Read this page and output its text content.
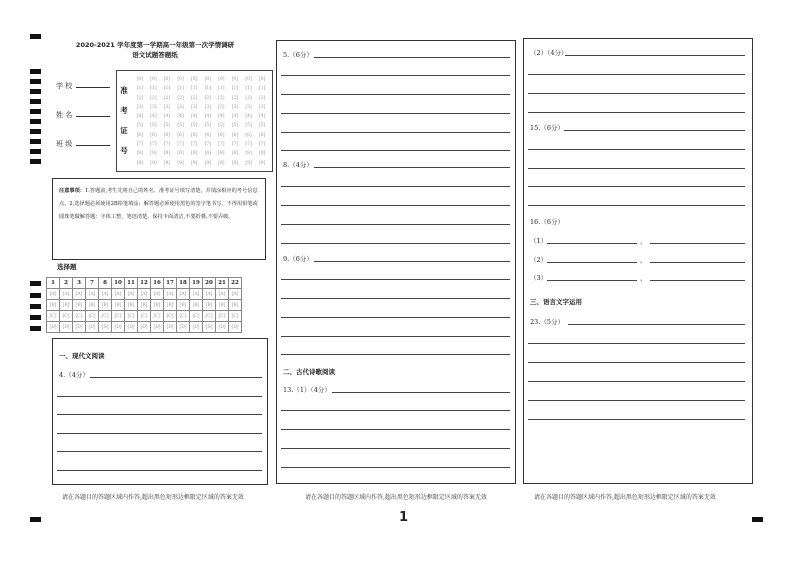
2020-2021 学年度第一学期高一年级第一次学情调研
语文试题答题纸
学 校
姓 名
班 级
准
考
证
号
[0]	[0]	[0]	[0]	[0]	[0]	[0]	[0]	[0]	[0]
[1]	[1]	[1]	[1]	[1]	[1]	[1]	[1]	[1]	[1]
[2]	[2]	[2]	[2]	[2]	[2]	[2]	[2]	[2]	[2]
[3]	[3]	[3]	[3]	[3]	[3]	[3]	[3]	[3]	[3]
[4]	[4]	[4]	[4]	[4]	[4]	[4]	[4]	[4]	[4]
[5]	[5]	[5]	[5]	[5]	[5]	[5]	[5]	[5]	[5]
[6]	[6]	[6]	[6]	[6]	[6]	[6]	[6]	[6]	[6]
[7]	[7]	[7]	[7]	[7]	[7]	[7]	[7]	[7]	[7]
[8]	[8]	[8]	[8]	[8]	[8]	[8]	[8]	[8]	[8]
[9]	[9]	[9]	[9]	[9]	[9]	[9]	[9]	[9]	[9]
注意事项：1.答题前,考生先将自己的姓名、准考证号填写清楚，并填涂相应的考号信息点。2.选择题必须使用2B铅笔填涂；解答题必须使用黑色的签字笔书写，不得用铅笔或圆珠笔做解答题：字体工整、笔迹清楚。保持卡面清洁,不要折叠,不要弄破。
选择题
1	2	3	7	8	10	11	12	16	17	18	19	20	21	22
[A]	[A]	[A]	[A]	[A]	[A]	[A]	[A]	[A]	[A]	[A]	[A]	[A]	[A]	[A]
[B]	[B]	[B]	[B]	[B]	[B]	[B]	[B]	[B]	[B]	[B]	[B]	[B]	[B]	[B]
[C]	[C]	[C]	[C]	[C]	[C]	[C]	[C]	[C]	[C]	[C]	[C]	[C]	[C]	[C]
[D]	[D]	[D]	[D]	[D]	[D]	[D]	[D]	[D]	[D]	[D]	[D]	[D]	[D]	[D]
一、现代文阅读
4.（4分）
5.（6分）
8.（4分）
9.（6分）
二、古代诗歌阅读
13.（1）（4分）
（2）（4分）
15.（6分）
16.（6分）
（1）	，
（2）	，
（3）	，
三、语言文字运用
23.（5分）
请在各题目的答题区域内作答,超出黑色矩形边框限定区域的答案无效	请在各题目的答题区域内作答,超出黑色矩形边框限定区域的答案无效	请在各题目的答题区域内作答,超出黑色矩形边框限定区域的答案无效
1
